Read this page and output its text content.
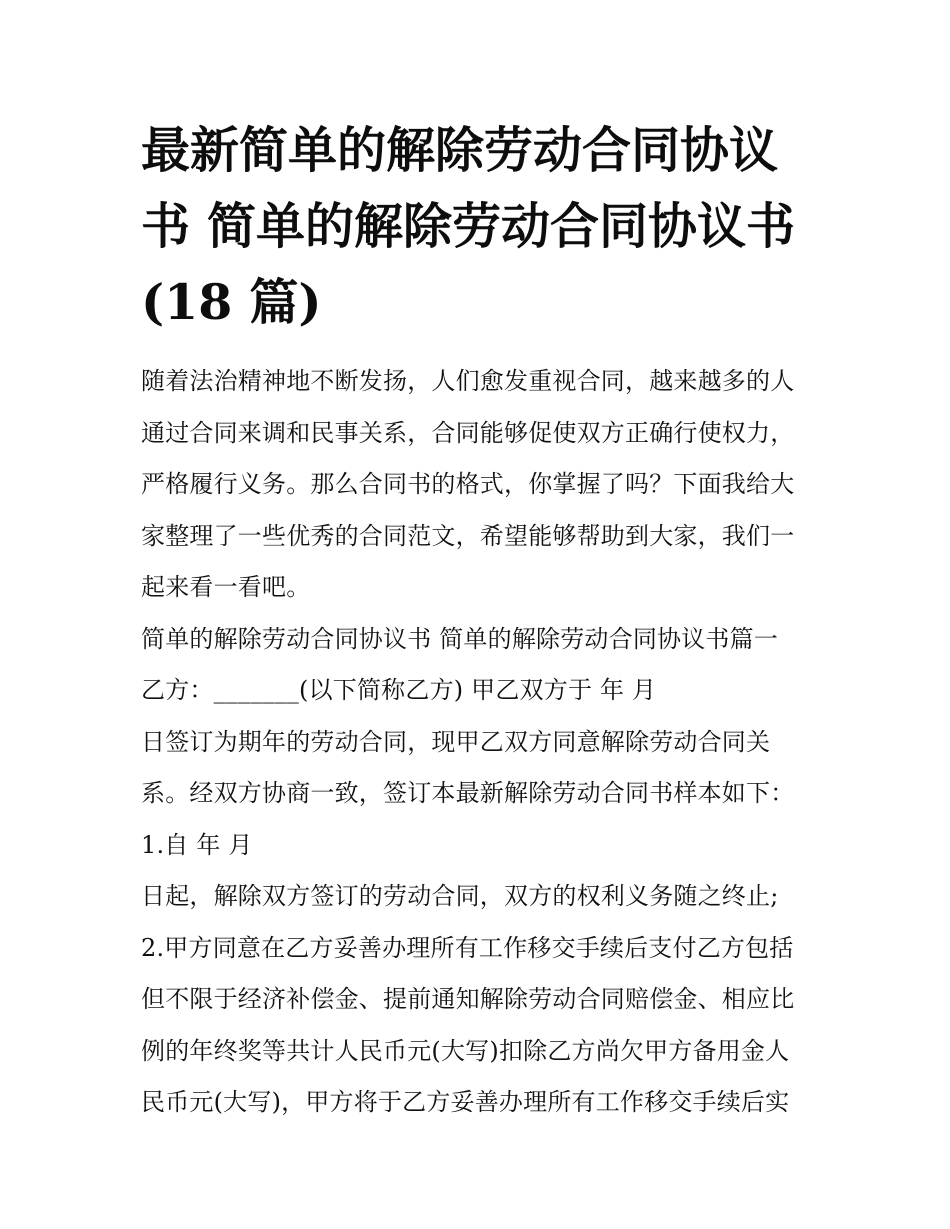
最新简单的解除劳动合同协议
书 简单的解除劳动合同协议书
(18 篇)
随着法治精神地不断发扬，人们愈发重视合同，越来越多的人
通过合同来调和民事关系，合同能够促使双方正确行使权力，
严格履行义务。那么合同书的格式，你掌握了吗？下面我给大
家整理了一些优秀的合同范文，希望能够帮助到大家，我们一
起来看一看吧。
简单的解除劳动合同协议书 简单的解除劳动合同协议书篇一
乙方：_______(以下简称乙方) 甲乙双方于 年 月
日签订为期年的劳动合同，现甲乙双方同意解除劳动合同关
系。经双方协商一致，签订本最新解除劳动合同书样本如下：
1.自 年 月
日起，解除双方签订的劳动合同，双方的权利义务随之终止;
2.甲方同意在乙方妥善办理所有工作移交手续后支付乙方包括
但不限于经济补偿金、提前通知解除劳动合同赔偿金、相应比
例的年终奖等共计人民币元(大写)扣除乙方尚欠甲方备用金人
民币元(大写)，甲方将于乙方妥善办理所有工作移交手续后实
